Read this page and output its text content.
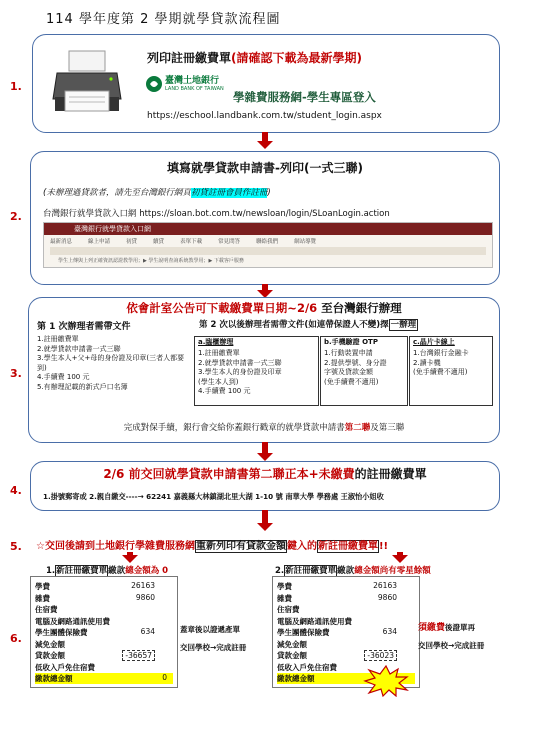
114 學年度第 2 學期就學貸款流程圖
1.
列印註冊繳費單(請確認下載為最新學期)
臺灣土地銀行
LAND BANK OF TAIWAN
學雜費服務網-學生專區登入
https://eschool.landbank.com.tw/student_login.aspx
2.
填寫就學貸款申請書-列印(一式三聯)
(未辦理過貸款者，請先至台灣銀行網頁初貸註冊會員作註冊)
台灣銀行就學貸款入口網 https://sloan.bot.com.tw/newsloan/login/SLoanLogin.action
臺灣銀行就學貸款入口網
最新消息	線上申請	初貸	續貸	表單下載	常見問答	聯絡我們	網站導覽
學生上傳與上列正確資訊認證教學用；▶ 學生說明查詢系統教學用；▶ 下載客戶服務
3.
依會計室公告可下載繳費單日期~2/6 至台灣銀行辦理
第 1 次辦理者需帶文件
1.註冊繳費單
2.就學貸款申請書一式三聯
3.學生本人+父+母的身份證及印章(三者人都要到)
4.手續費 100 元
5.有辦理記載的新式戶口名簿
第 2 次以後辦理者需帶文件(如連帶保證人不變)擇 一辦理
a.臨櫃辦理
1.註冊繳費單
2.就學貸款申請書一式三聯
3.學生本人的身份證及印章
(學生本人到)
4.手續費 100 元
b.手機驗證 OTP
1.行動裝置申請
2.提供學號、身分證
字號及貸款金額
(免手續費不適用)
c.晶片卡線上
1.台灣銀行金融卡
2.讀卡機
(免手續費不適用)
完成對保手續，銀行會交給你蓋銀行戳章的就學貸款申請書第二聯及第三聯
4.
2/6 前交回就學貸款申請書第二聯正本+未繳費的註冊繳費單
1.掛號郵寄或 2.親自繳交----→ 62241 嘉義縣大林鎮湖北里大湖 1-10 號 南華大學 學務處 王淑怡小姐收
5. ☆交回後請到土地銀行學雜費服務網重新列印有貸款金額鍵入的新註冊繳費單!!
6.
1.新註冊繳費單繳款總金額為 0	2.新註冊繳費單繳款總金額尚有零星餘額
學費	26163
雜費	9860
住宿費
電腦及網路通訊使用費
學生團體保險費	634
減免金額
貸款金額	-36657
低收入戶免住宿費
繳款總金額	0
蓋章後以證遞產單
交回學校→完成註冊
學費	26163
雜費	9860
住宿費
電腦及網路通訊使用費
學生團體保險費	634
減免金額
貸款金額	-36023
低收入戶免住宿費
繳款總金額
須繳費後證單再
交回學校→完成註冊
